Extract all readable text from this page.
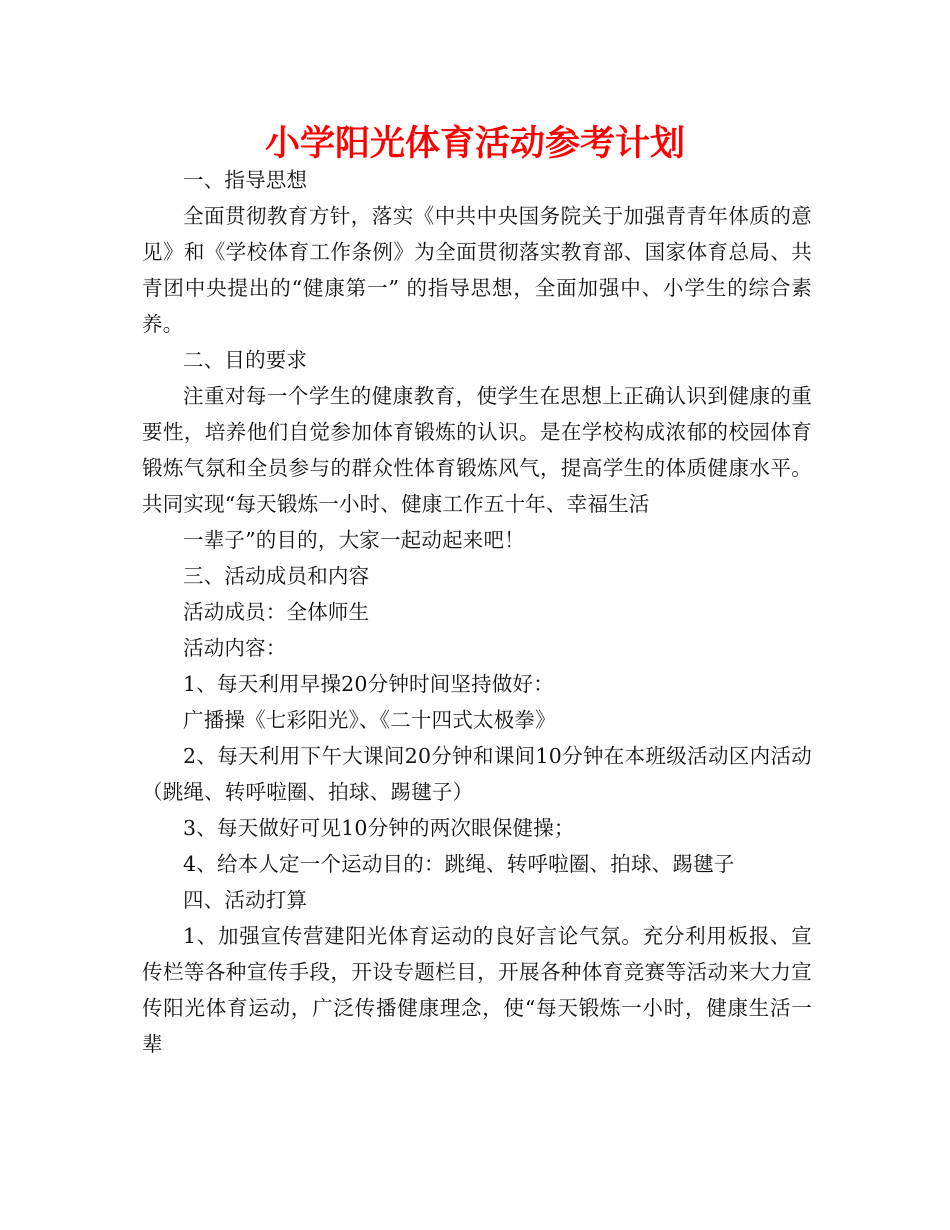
小学阳光体育活动参考计划

一、指导思想

全面贯彻教育方针，落实《中共中央国务院关于加强青青年体质的意见》和《学校体育工作条例》为全面贯彻落实教育部、国家体育总局、共青团中央提出的“健康第一” 的指导思想，全面加强中、小学生的综合素养。

二、目的要求

注重对每一个学生的健康教育，使学生在思想上正确认识到健康的重要性，培养他们自觉参加体育锻炼的认识。是在学校构成浓郁的校园体育锻炼气氛和全员参与的群众性体育锻炼风气，提高学生的体质健康水平。共同实现“每天锻炼一小时、健康工作五十年、幸福生活

一辈子”的目的，大家一起动起来吧！

三、活动成员和内容

活动成员：全体师生

活动内容：

1、每天利用早操20分钟时间坚持做好：

广播操《七彩阳光》、《二十四式太极拳》

2、每天利用下午大课间20分钟和课间10分钟在本班级活动区内活动（跳绳、转呼啦圈、拍球、踢毽子）

3、每天做好可见10分钟的两次眼保健操；

4、给本人定一个运动目的：跳绳、转呼啦圈、拍球、踢毽子

四、活动打算

1、加强宣传营建阳光体育运动的良好言论气氛。充分利用板报、宣传栏等各种宣传手段，开设专题栏目，开展各种体育竞赛等活动来大力宣传阳光体育运动，广泛传播健康理念，使“每天锻炼一小时，健康生活一辈
